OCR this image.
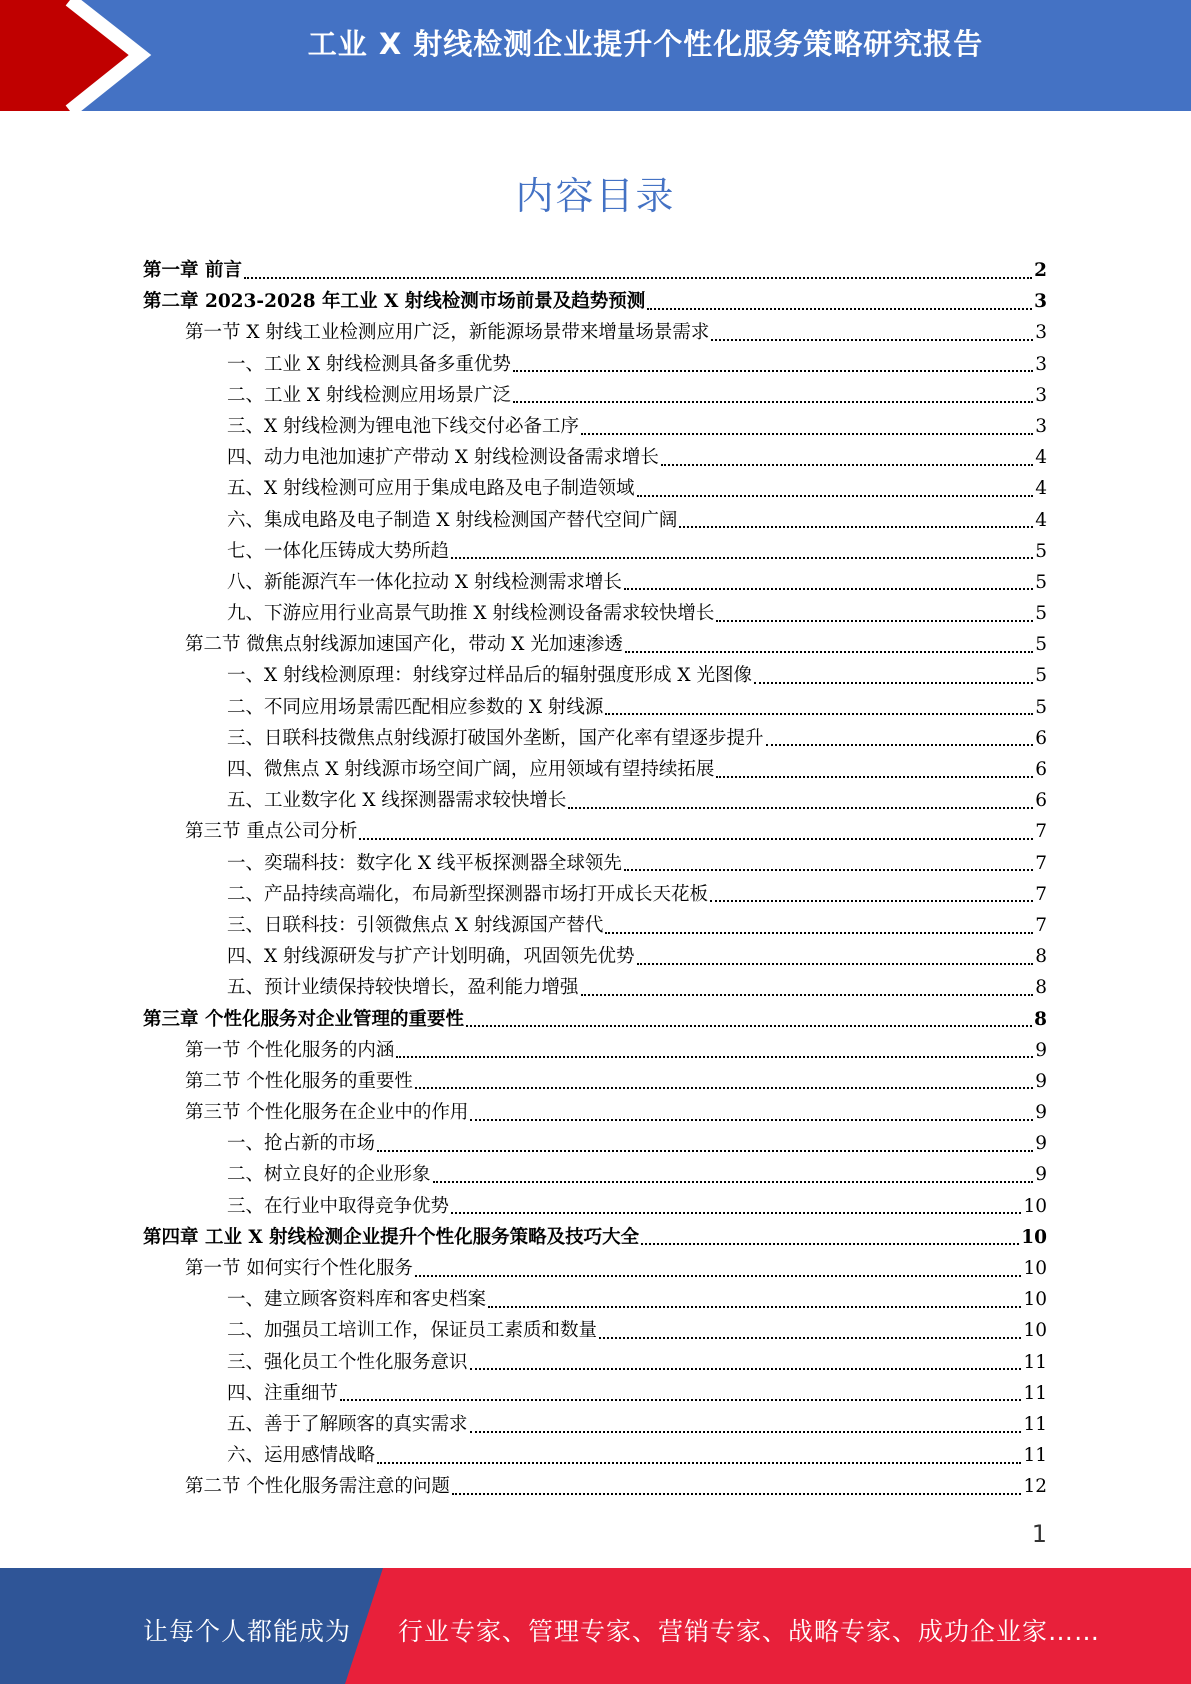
工业 X 射线检测企业提升个性化服务策略研究报告
内容目录
第一章 前言	2
第二章 2023-2028 年工业 X 射线检测市场前景及趋势预测	3
第一节 X 射线工业检测应用广泛，新能源场景带来增量场景需求	3
一、工业 X 射线检测具备多重优势	3
二、工业 X 射线检测应用场景广泛	3
三、X 射线检测为锂电池下线交付必备工序	3
四、动力电池加速扩产带动 X 射线检测设备需求增长	4
五、X 射线检测可应用于集成电路及电子制造领域	4
六、集成电路及电子制造 X 射线检测国产替代空间广阔	4
七、一体化压铸成大势所趋	5
八、新能源汽车一体化拉动 X 射线检测需求增长	5
九、下游应用行业高景气助推 X 射线检测设备需求较快增长	5
第二节 微焦点射线源加速国产化，带动 X 光加速渗透	5
一、X 射线检测原理：射线穿过样品后的辐射强度形成 X 光图像	5
二、不同应用场景需匹配相应参数的 X 射线源	5
三、日联科技微焦点射线源打破国外垄断，国产化率有望逐步提升	6
四、微焦点 X 射线源市场空间广阔，应用领域有望持续拓展	6
五、工业数字化 X 线探测器需求较快增长	6
第三节 重点公司分析	7
一、奕瑞科技：数字化 X 线平板探测器全球领先	7
二、产品持续高端化，布局新型探测器市场打开成长天花板	7
三、日联科技：引领微焦点 X 射线源国产替代	7
四、X 射线源研发与扩产计划明确，巩固领先优势	8
五、预计业绩保持较快增长，盈利能力增强	8
第三章 个性化服务对企业管理的重要性	8
第一节 个性化服务的内涵	9
第二节 个性化服务的重要性	9
第三节 个性化服务在企业中的作用	9
一、抢占新的市场	9
二、树立良好的企业形象	9
三、在行业中取得竞争优势	10
第四章 工业 X 射线检测企业提升个性化服务策略及技巧大全	10
第一节 如何实行个性化服务	10
一、建立顾客资料库和客史档案	10
二、加强员工培训工作，保证员工素质和数量	10
三、强化员工个性化服务意识	11
四、注重细节	11
五、善于了解顾客的真实需求	11
六、运用感情战略	11
第二节 个性化服务需注意的问题	12
1
让每个人都能成为 行业专家、管理专家、营销专家、战略专家、成功企业家……
